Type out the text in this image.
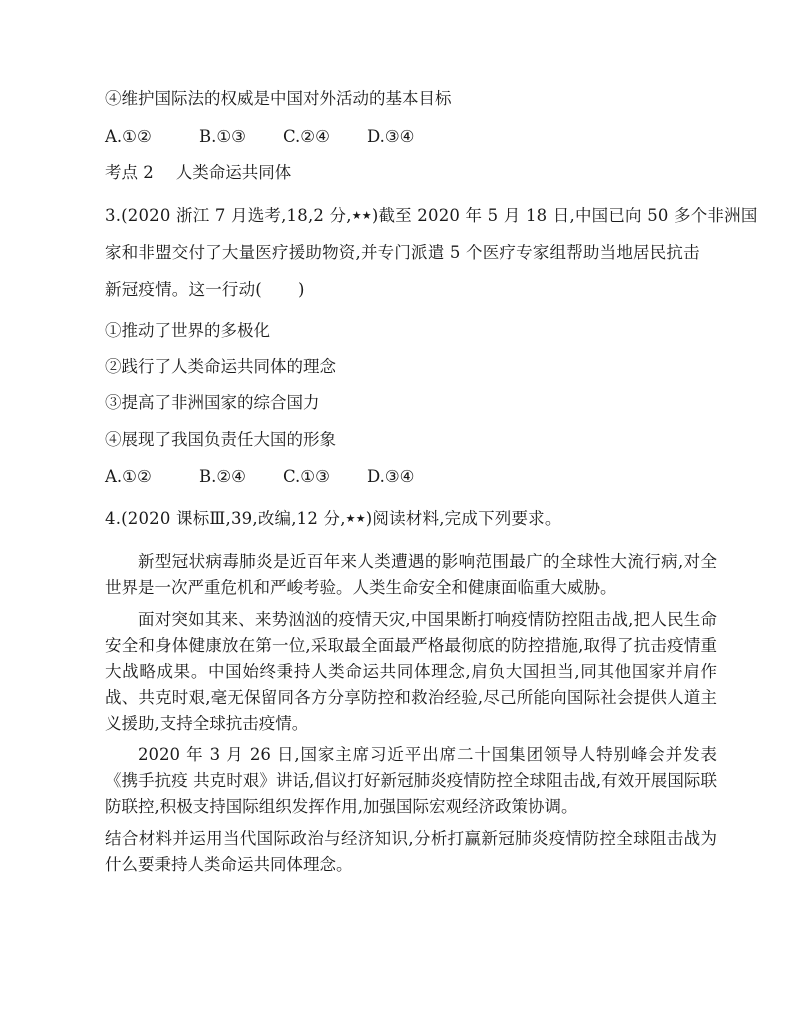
④维护国际法的权威是中国对外活动的基本目标
A.①②	B.①③ C.②④ D.③④
考点 2 人类命运共同体
3.(2020 浙江 7 月选考,18,2 分,★★)截至 2020 年 5 月 18 日,中国已向 50 多个非洲国
家和非盟交付了大量医疗援助物资,并专门派遣 5 个医疗专家组帮助当地居民抗击
新冠疫情。这一行动( )
①推动了世界的多极化
②践行了人类命运共同体的理念
③提高了非洲国家的综合国力
④展现了我国负责任大国的形象
A.①②	B.②④ C.①③ D.③④
4.(2020 课标Ⅲ,39,改编,12 分,★★)阅读材料,完成下列要求。
新型冠状病毒肺炎是近百年来人类遭遇的影响范围最广的全球性大流行病,对全世界是一次严重危机和严峻考验。人类生命安全和健康面临重大威胁。
面对突如其来、来势汹汹的疫情天灾,中国果断打响疫情防控阻击战,把人民生命安全和身体健康放在第一位,采取最全面最严格最彻底的防控措施,取得了抗击疫情重大战略成果。中国始终秉持人类命运共同体理念,肩负大国担当,同其他国家并肩作战、共克时艰,毫无保留同各方分享防控和救治经验,尽己所能向国际社会提供人道主义援助,支持全球抗击疫情。
2020 年 3 月 26 日,国家主席习近平出席二十国集团领导人特别峰会并发表《携手抗疫 共克时艰》讲话,倡议打好新冠肺炎疫情防控全球阻击战,有效开展国际联防联控,积极支持国际组织发挥作用,加强国际宏观经济政策协调。
结合材料并运用当代国际政治与经济知识,分析打赢新冠肺炎疫情防控全球阻击战为什么要秉持人类命运共同体理念。
